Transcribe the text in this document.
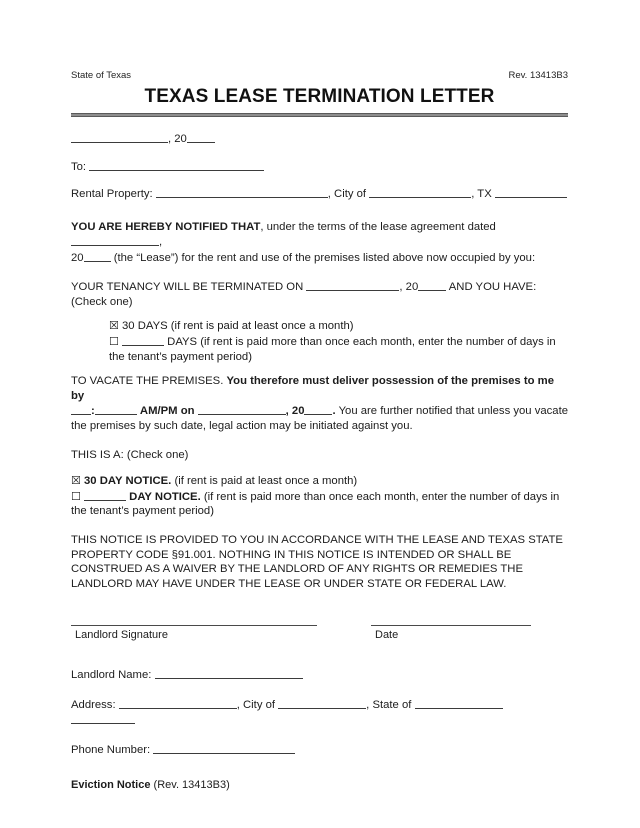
State of Texas	Rev. 13413B3
TEXAS LEASE TERMINATION LETTER
, 20
To:
Rental Property:	, City of	, TX
YOU ARE HEREBY NOTIFIED THAT, under the terms of the lease agreement dated ,
20	(the “Lease”) for the rent and use of the premises listed above now occupied by you:
YOUR TENANCY WILL BE TERMINATED ON	, 20	AND YOU HAVE: (Check one)
☒ 30 DAYS (if rent is paid at least once a month)
☐	DAYS (if rent is paid more than once each month, enter the number of days in the tenant’s payment period)
TO VACATE THE PREMISES. You therefore must deliver possession of the premises to me by
:	AM/PM on	, 20 . You are further notified that unless you vacate the premises by such date, legal action may be initiated against you.
THIS IS A: (Check one)
☒ 30 DAY NOTICE. (if rent is paid at least once a month)
☐	DAY NOTICE. (if rent is paid more than once each month, enter the number of days in the tenant’s payment period)
THIS NOTICE IS PROVIDED TO YOU IN ACCORDANCE WITH THE LEASE AND TEXAS STATE PROPERTY CODE §91.001. NOTHING IN THIS NOTICE IS INTENDED OR SHALL BE CONSTRUED AS A WAIVER BY THE LANDLORD OF ANY RIGHTS OR REMEDIES THE LANDLORD MAY HAVE UNDER THE LEASE OR UNDER STATE OR FEDERAL LAW.
Landlord Signature	Date
Landlord Name:
Address:	, City of	, State of
Phone Number:
Eviction Notice (Rev. 13413B3)
